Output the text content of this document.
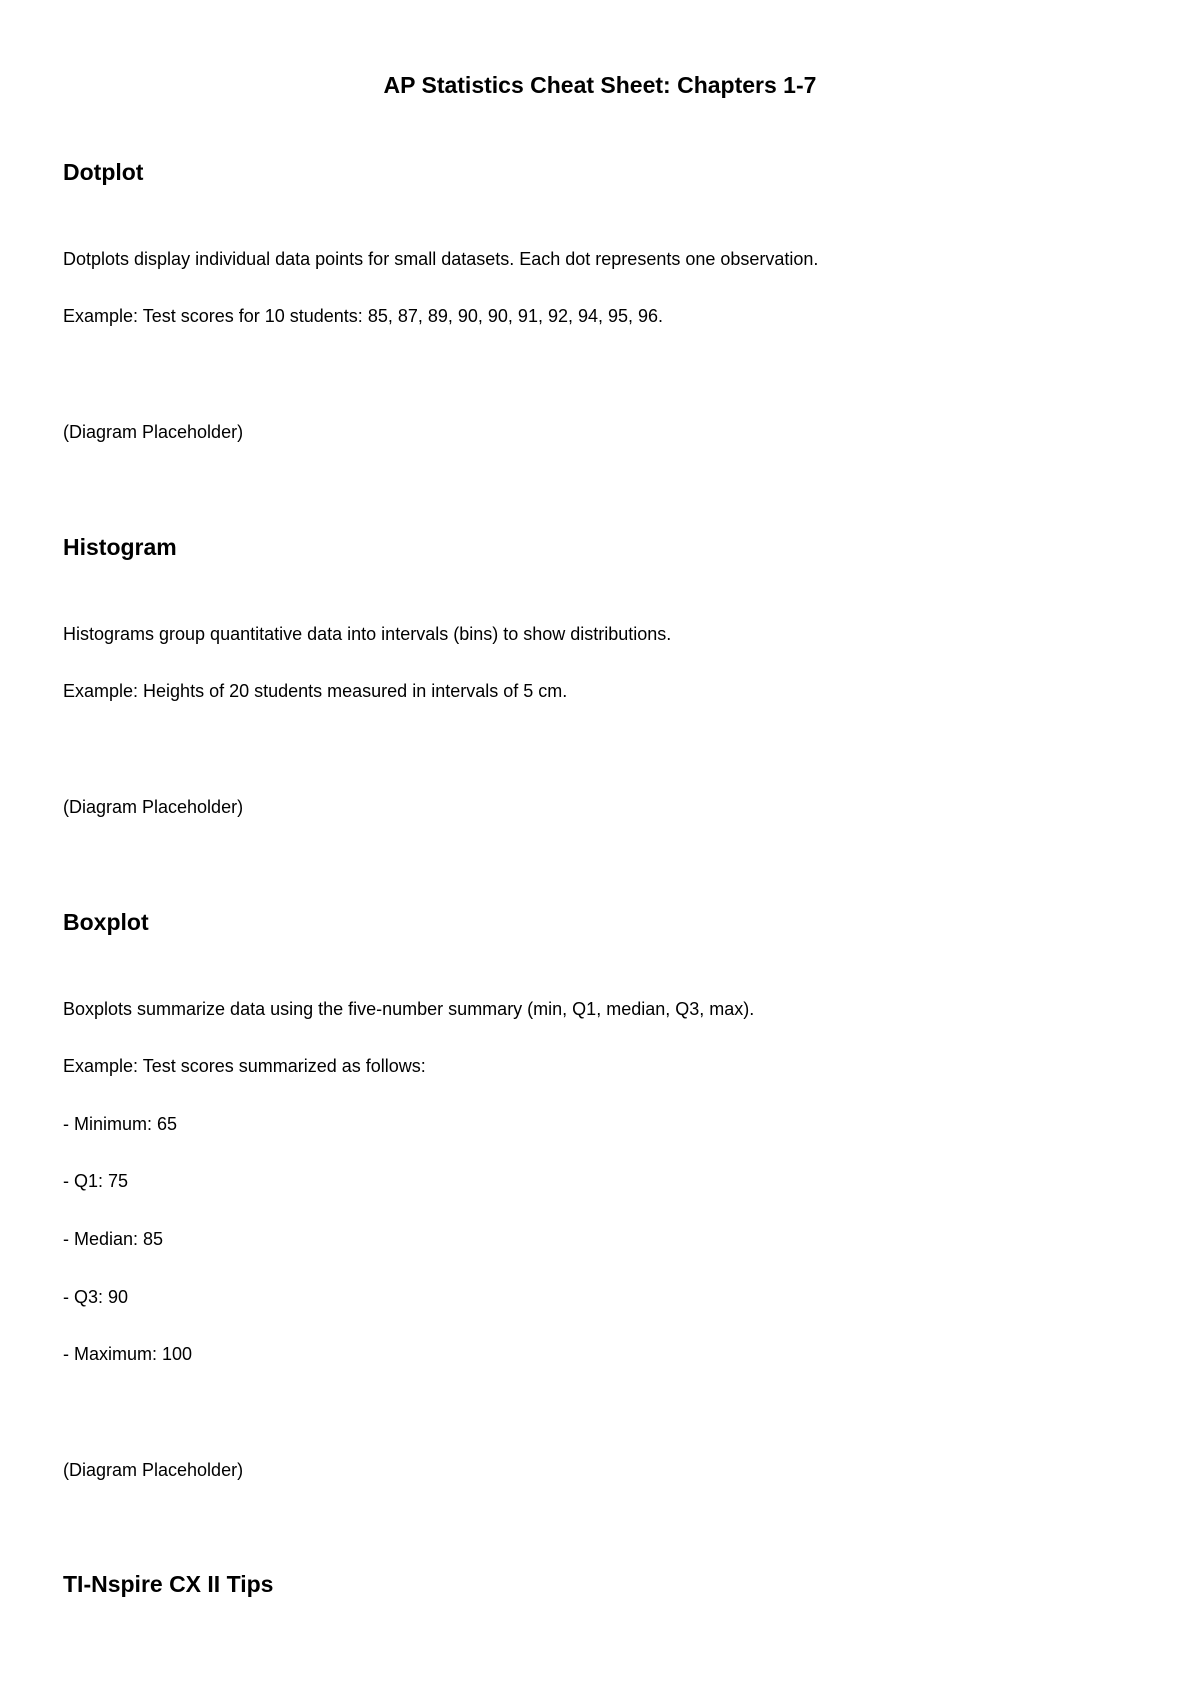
AP Statistics Cheat Sheet: Chapters 1-7
Dotplot

Dotplots display individual data points for small datasets. Each dot represents one observation.

Example: Test scores for 10 students: 85, 87, 89, 90, 90, 91, 92, 94, 95, 96.

(Diagram Placeholder)

Histogram

Histograms group quantitative data into intervals (bins) to show distributions.

Example: Heights of 20 students measured in intervals of 5 cm.

(Diagram Placeholder)

Boxplot

Boxplots summarize data using the five-number summary (min, Q1, median, Q3, max).

Example: Test scores summarized as follows:

- Minimum: 65

- Q1: 75

- Median: 85

- Q3: 90

- Maximum: 100

(Diagram Placeholder)

TI-Nspire CX II Tips
